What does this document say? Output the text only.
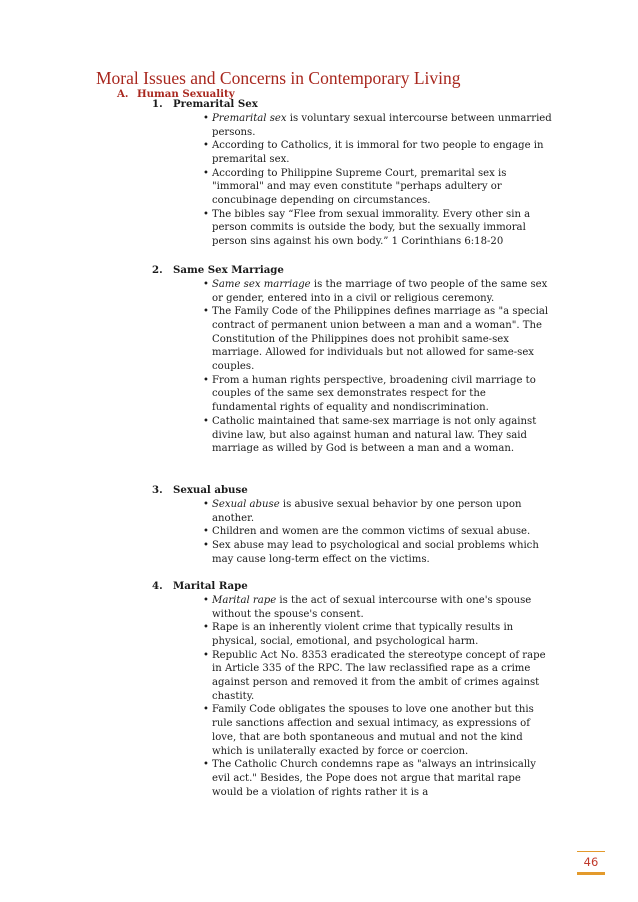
Moral Issues and Concerns in Contemporary Living
A. Human Sexuality
1. Premarital Sex
• Premarital sex is voluntary sexual intercourse between unmarried persons.
• According to Catholics, it is immoral for two people to engage in premarital sex.
• According to Philippine Supreme Court, premarital sex is "immoral" and may even constitute "perhaps adultery or concubinage depending on circumstances.
• The bibles say “Flee from sexual immorality. Every other sin a person commits is outside the body, but the sexually immoral person sins against his own body.” 1 Corinthians 6:18-20
2. Same Sex Marriage
• Same sex marriage is the marriage of two people of the same sex or gender, entered into in a civil or religious ceremony.
• The Family Code of the Philippines defines marriage as "a special contract of permanent union between a man and a woman". The Constitution of the Philippines does not prohibit same-sex marriage. Allowed for individuals but not allowed for same-sex couples.
• From a human rights perspective, broadening civil marriage to couples of the same sex demonstrates respect for the fundamental rights of equality and nondiscrimination.
• Catholic maintained that same-sex marriage is not only against divine law, but also against human and natural law. They said marriage as willed by God is between a man and a woman.
3. Sexual abuse
• Sexual abuse is abusive sexual behavior by one person upon another.
• Children and women are the common victims of sexual abuse.
• Sex abuse may lead to psychological and social problems which may cause long-term effect on the victims.
4. Marital Rape
• Marital rape is the act of sexual intercourse with one's spouse without the spouse's consent.
• Rape is an inherently violent crime that typically results in physical, social, emotional, and psychological harm.
• Republic Act No. 8353 eradicated the stereotype concept of rape in Article 335 of the RPC. The law reclassified rape as a crime against person and removed it from the ambit of crimes against chastity.
• Family Code obligates the spouses to love one another but this rule sanctions affection and sexual intimacy, as expressions of love, that are both spontaneous and mutual and not the kind which is unilaterally exacted by force or coercion.
• The Catholic Church condemns rape as "always an intrinsically evil act." Besides, the Pope does not argue that marital rape would be a violation of rights rather it is a
46
